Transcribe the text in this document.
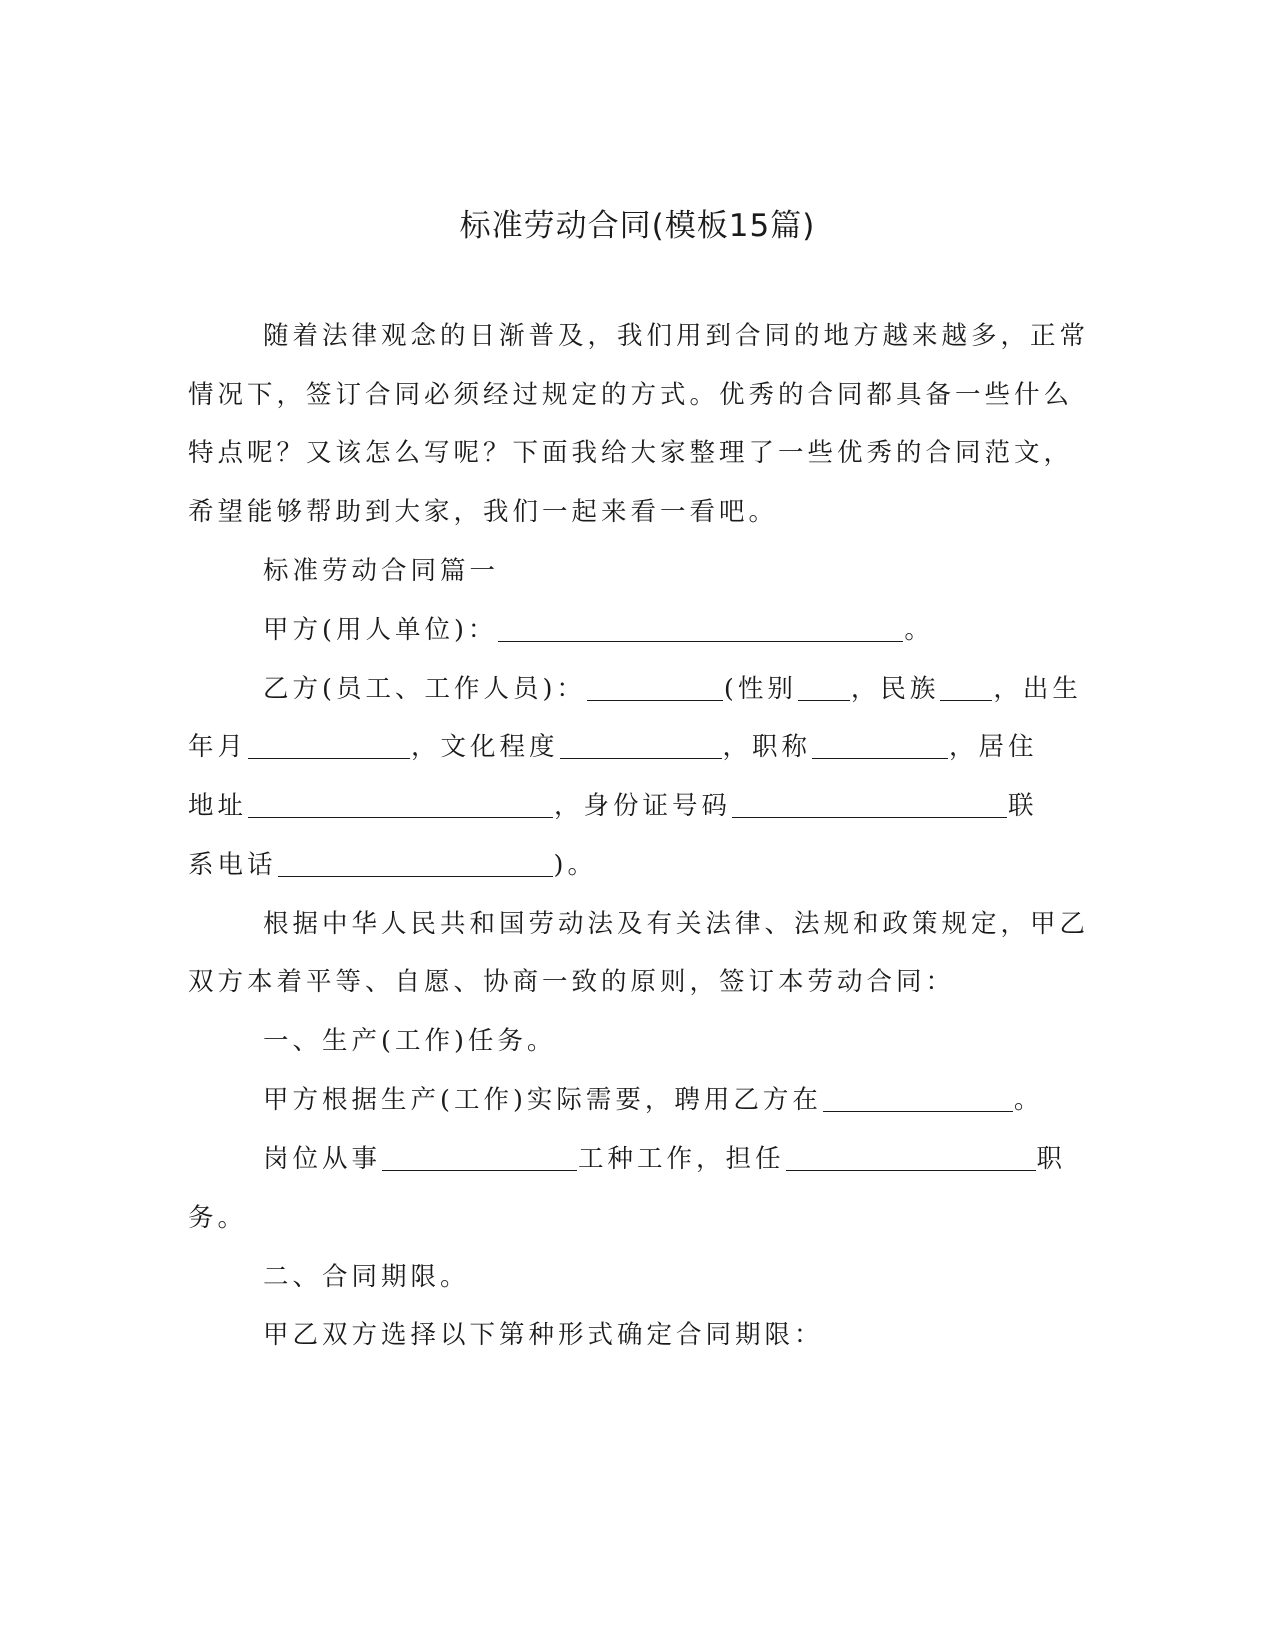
标准劳动合同(模板15篇)

随着法律观念的日渐普及，我们用到合同的地方越来越多，正常

情况下，签订合同必须经过规定的方式。优秀的合同都具备一些什么

特点呢？又该怎么写呢？下面我给大家整理了一些优秀的合同范文，

希望能够帮助到大家，我们一起来看一看吧。

标准劳动合同篇一

甲方(用人单位)：	。

乙方(员工、工作人员)：	(性别 ，民族 ，出生

年月	，文化程度	，职称	，居住

地址	，身份证号码	联

系电话	)。

根据中华人民共和国劳动法及有关法律、法规和政策规定，甲乙

双方本着平等、自愿、协商一致的原则，签订本劳动合同：

一、生产(工作)任务。

甲方根据生产(工作)实际需要，聘用乙方在	。

岗位从事	工种工作，担任	职

务。

二、合同期限。

甲乙双方选择以下第种形式确定合同期限：
